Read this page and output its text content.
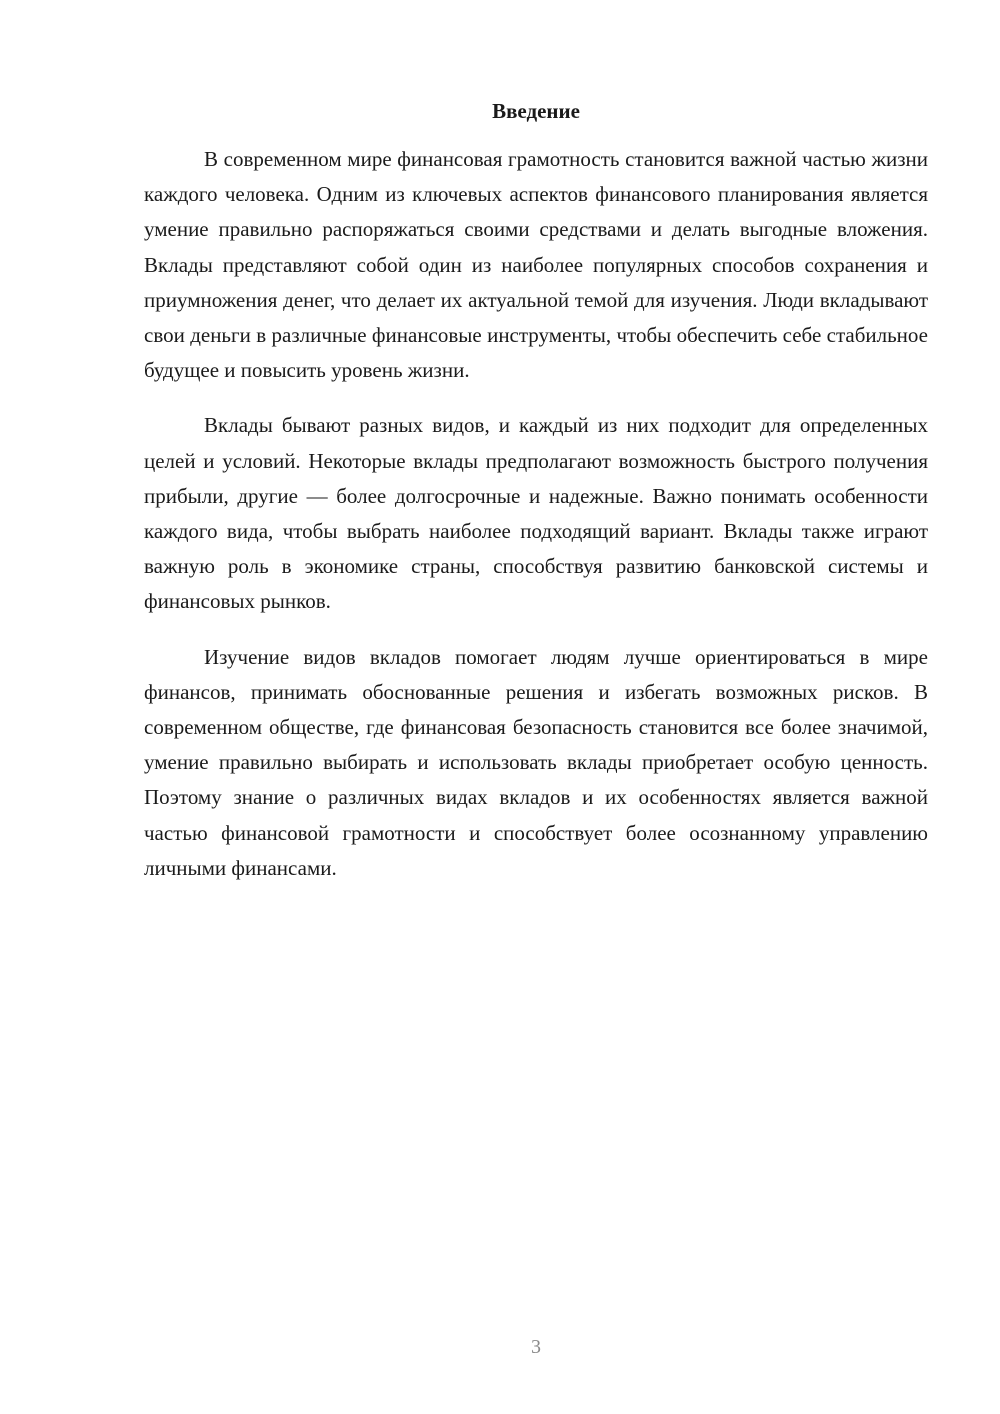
Введение

В современном мире финансовая грамотность становится важной частью жизни каждого человека. Одним из ключевых аспектов финансового планирования является умение правильно распоряжаться своими средствами и делать выгодные вложения. Вклады представляют собой один из наиболее популярных способов сохранения и приумножения денег, что делает их актуальной темой для изучения. Люди вкладывают свои деньги в различные финансовые инструменты, чтобы обеспечить себе стабильное будущее и повысить уровень жизни.

Вклады бывают разных видов, и каждый из них подходит для определенных целей и условий. Некоторые вклады предполагают возможность быстрого получения прибыли, другие — более долгосрочные и надежные. Важно понимать особенности каждого вида, чтобы выбрать наиболее подходящий вариант. Вклады также играют важную роль в экономике страны, способствуя развитию банковской системы и финансовых рынков.

Изучение видов вкладов помогает людям лучше ориентироваться в мире финансов, принимать обоснованные решения и избегать возможных рисков. В современном обществе, где финансовая безопасность становится все более значимой, умение правильно выбирать и использовать вклады приобретает особую ценность. Поэтому знание о различных видах вкладов и их особенностях является важной частью финансовой грамотности и способствует более осознанному управлению личными финансами.

3
